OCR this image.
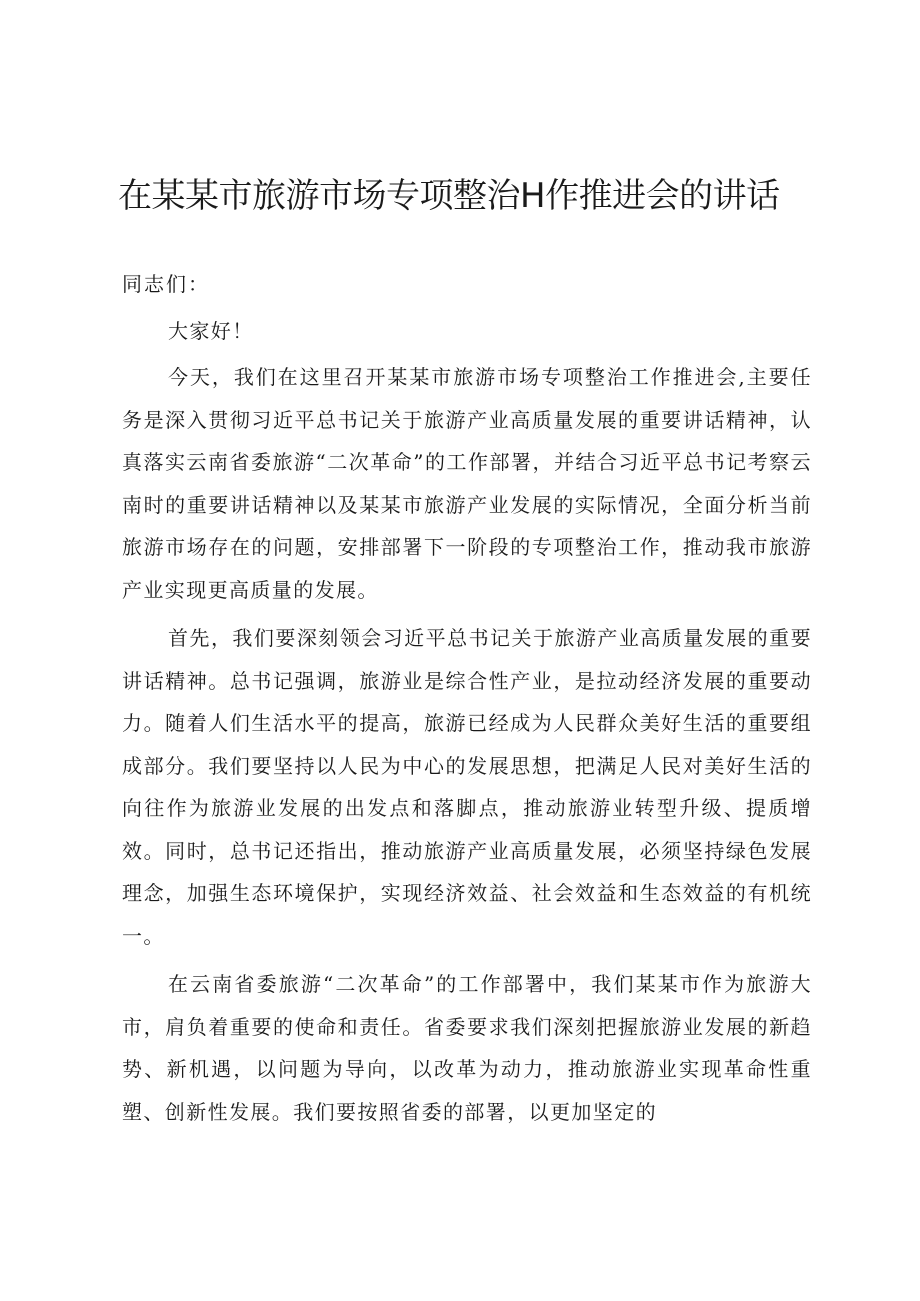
在某某市旅游市场专项整治H作推进会的讲话

同志们：

大家好！

今天，我们在这里召开某某市旅游市场专项整治工作推进会,主要任务是深入贯彻习近平总书记关于旅游产业高质量发展的重要讲话精神，认真落实云南省委旅游“二次革命”的工作部署，并结合习近平总书记考察云南时的重要讲话精神以及某某市旅游产业发展的实际情况，全面分析当前旅游市场存在的问题，安排部署下一阶段的专项整治工作，推动我市旅游产业实现更高质量的发展。

首先，我们要深刻领会习近平总书记关于旅游产业高质量发展的重要讲话精神。总书记强调，旅游业是综合性产业，是拉动经济发展的重要动力。随着人们生活水平的提高，旅游已经成为人民群众美好生活的重要组成部分。我们要坚持以人民为中心的发展思想，把满足人民对美好生活的向往作为旅游业发展的出发点和落脚点，推动旅游业转型升级、提质增效。同时，总书记还指出，推动旅游产业高质量发展，必须坚持绿色发展理念，加强生态环境保护，实现经济效益、社会效益和生态效益的有机统一。

在云南省委旅游“二次革命”的工作部署中，我们某某市作为旅游大市，肩负着重要的使命和责任。省委要求我们深刻把握旅游业发展的新趋势、新机遇，以问题为导向，以改革为动力，推动旅游业实现革命性重塑、创新性发展。我们要按照省委的部署，以更加坚定的
